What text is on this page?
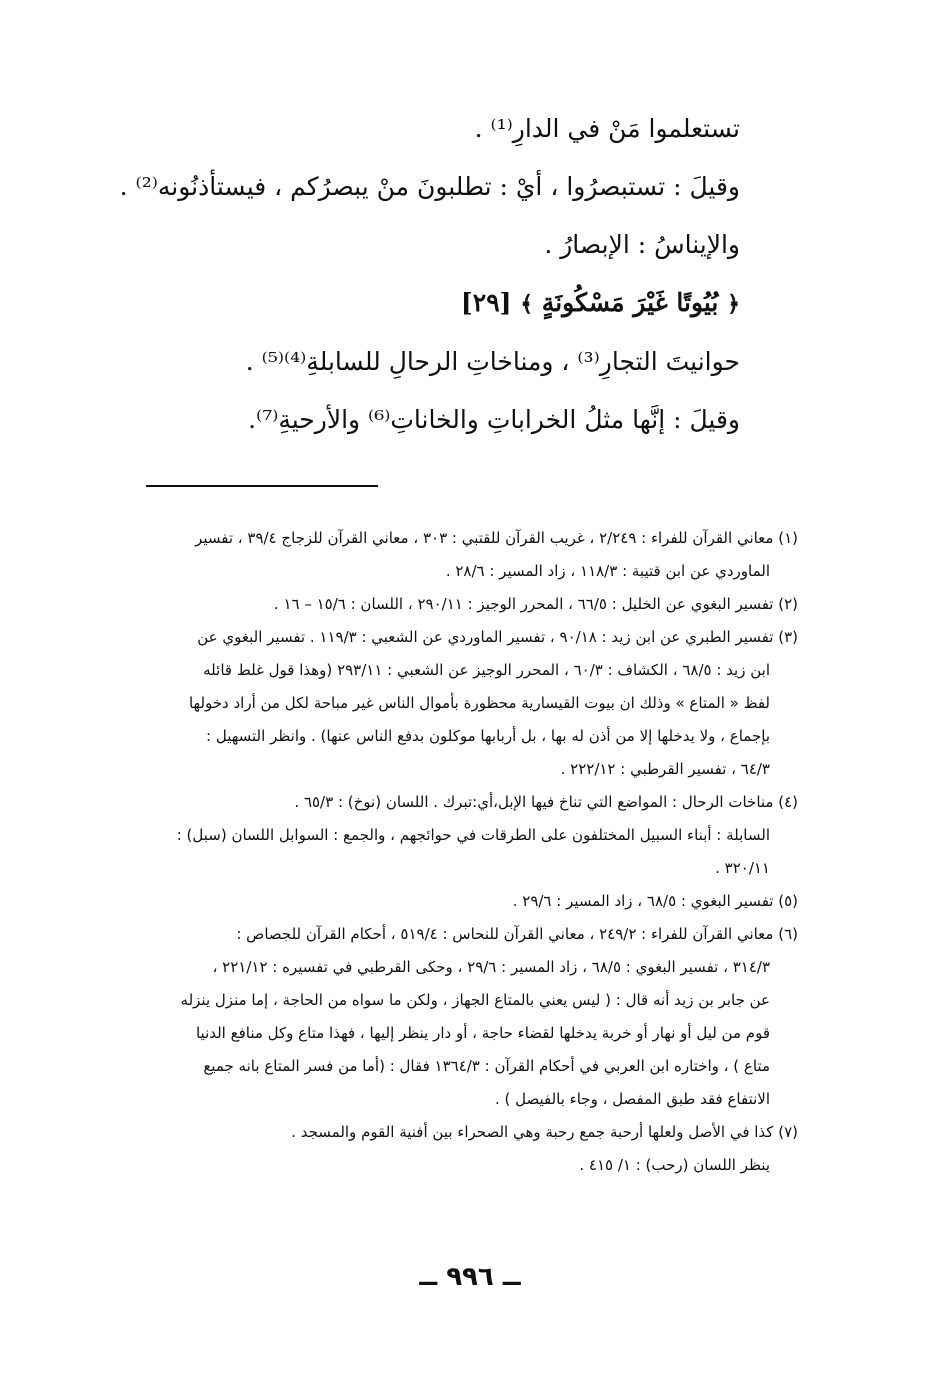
تستعلموا مَنْ في الدارِ⁽¹⁾ .

وقيلَ : تستبصرُوا ، أيْ : تطلبونَ منْ يبصرُكم ، فيستأذنُونه⁽²⁾ .

والإيناسُ : الإبصارُ .

﴿ بُيُوتًا غَيْرَ مَسْكُونَةٍ ﴾ [٢٩]

حوانيتَ التجارِ⁽³⁾ ، ومناخاتِ الرحالِ للسابلةِ⁽⁴⁾⁽⁵⁾ .

وقيلَ : إنَّها مثلُ الخراباتِ والخاناتِ⁽⁶⁾ والأرحيةِ⁽⁷⁾.

(١) معاني القرآن للفراء : ٢/٢٤٩ ، غريب القرآن للقتبي : ٣٠٣ ، معاني القرآن للزجاج ٣٩/٤ ، تفسير
الماوردي عن ابن قتيبة : ١١٨/٣ ، زاد المسير : ٢٨/٦ .

(٢) تفسير البغوي عن الخليل : ٦٦/٥ ، المحرر الوجيز : ٢٩٠/١١ ، اللسان : ١٥/٦ – ١٦ .

(٣) تفسير الطبري عن ابن زيد : ٩٠/١٨ ، تفسير الماوردي عن الشعبي : ١١٩/٣ . تفسير البغوي عن
ابن زيد : ٦٨/٥ ، الكشاف : ٦٠/٣ ، المحرر الوجيز عن الشعبي : ٢٩٣/١١ (وهذا قول غلط قائله
لفظ « المتاع » وذلك ان بيوت القيسارية محظورة بأموال الناس غير مباحة لكل من أراد دخولها
بإجماع ، ولا يدخلها إلا من أذن له بها ، بل أربابها موكلون بدفع الناس عنها) . وانظر التسهيل :
٦٤/٣ ، تفسير القرطبي : ٢٢٢/١٢ .

(٤) مناخات الرحال : المواضع التي تناخ فيها الإبل،أي:تبرك . اللسان (نوخ) : ٦٥/٣ .
السابلة : أبناء السبيل المختلفون على الطرقات في حوائجهم ، والجمع : السوابل اللسان (سبل) :
٣٢٠/١١ .

(٥) تفسير البغوي : ٦٨/٥ ، زاد المسير : ٢٩/٦ .

(٦) معاني القرآن للفراء : ٢٤٩/٢ ، معاني القرآن للنحاس : ٥١٩/٤ ، أحكام القرآن للجصاص :
٣١٤/٣ ، تفسير البغوي : ٦٨/٥ ، زاد المسير : ٢٩/٦ ، وحكى القرطبي في تفسيره : ٢٢١/١٢ ،
عن جابر بن زيد أنه قال : ( ليس يعني بالمتاع الجهاز ، ولكن ما سواه من الحاجة ، إما منزل ينزله
قوم من ليل أو نهار أو خربة يدخلها لقضاء حاجة ، أو دار ينظر إليها ، فهذا متاع وكل منافع الدنيا
متاع ) ، واختاره ابن العربي في أحكام القرآن : ١٣٦٤/٣ فقال : (أما من فسر المتاع بانه جميع
الانتفاع فقد طبق المفصل ، وجاء بالفيصل ) .

(٧) كذا في الأصل ولعلها أرحبة جمع رحبة وهي الصحراء بين أفنية القوم والمسجد .
ينظر اللسان (رحب) : ١/ ٤١٥ .

ــ ٩٩٦ ــ
